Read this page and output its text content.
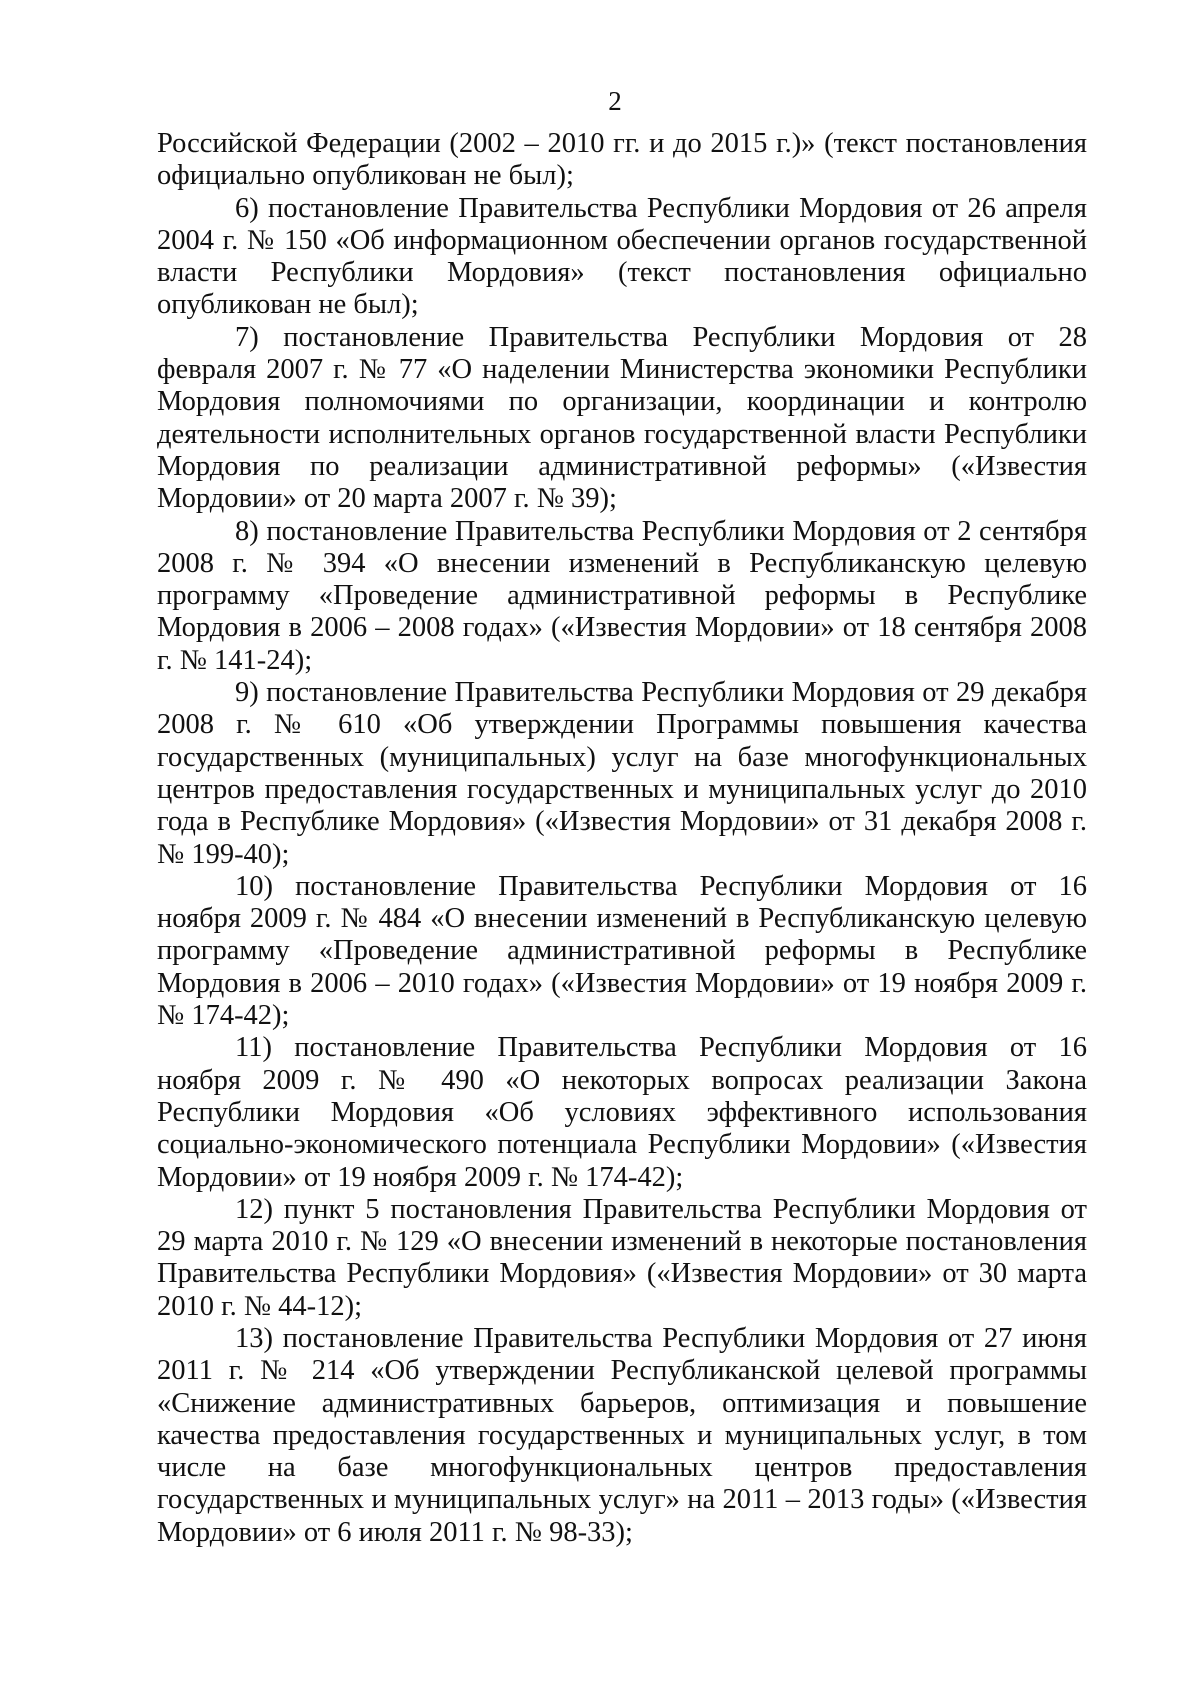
2

Российской Федерации (2002 – 2010 гг. и до 2015 г.)» (текст постановления официально опубликован не был);

6) постановление Правительства Республики Мордовия от 26 апреля 2004 г. № 150 «Об информационном обеспечении органов государственной власти Республики Мордовия» (текст постановления официально опубликован не был);

7) постановление Правительства Республики Мордовия от 28 февраля 2007 г. № 77 «О наделении Министерства экономики Республики Мордовия полномочиями по организации, координации и контролю деятельности исполнительных органов государственной власти Республики Мордовия по реализации административной реформы» («Известия Мордовии» от 20 марта 2007 г. № 39);

8) постановление Правительства Республики Мордовия от 2 сентября 2008 г. № 394 «О внесении изменений в Республиканскую целевую программу «Проведение административной реформы в Республике Мордовия в 2006 – 2008 годах» («Известия Мордовии» от 18 сентября 2008 г. № 141-24);

9) постановление Правительства Республики Мордовия от 29 декабря 2008 г. № 610 «Об утверждении Программы повышения качества государственных (муниципальных) услуг на базе многофункциональных центров предоставления государственных и муниципальных услуг до 2010 года в Республике Мордовия» («Известия Мордовии» от 31 декабря 2008 г. № 199-40);

10) постановление Правительства Республики Мордовия от 16 ноября 2009 г. № 484 «О внесении изменений в Республиканскую целевую программу «Проведение административной реформы в Республике Мордовия в 2006 – 2010 годах» («Известия Мордовии» от 19 ноября 2009 г. № 174-42);

11) постановление Правительства Республики Мордовия от 16 ноября 2009 г. № 490 «О некоторых вопросах реализации Закона Республики Мордовия «Об условиях эффективного использования социально-экономического потенциала Республики Мордовии» («Известия Мордовии» от 19 ноября 2009 г. № 174-42);

12) пункт 5 постановления Правительства Республики Мордовия от 29 марта 2010 г. № 129 «О внесении изменений в некоторые постановления Правительства Республики Мордовия» («Известия Мордовии» от 30 марта 2010 г. № 44-12);

13) постановление Правительства Республики Мордовия от 27 июня 2011 г. № 214 «Об утверждении Республиканской целевой программы «Снижение административных барьеров, оптимизация и повышение качества предоставления государственных и муниципальных услуг, в том числе на базе многофункциональных центров предоставления государственных и муниципальных услуг» на 2011 – 2013 годы» («Известия Мордовии» от 6 июля 2011 г. № 98-33);
